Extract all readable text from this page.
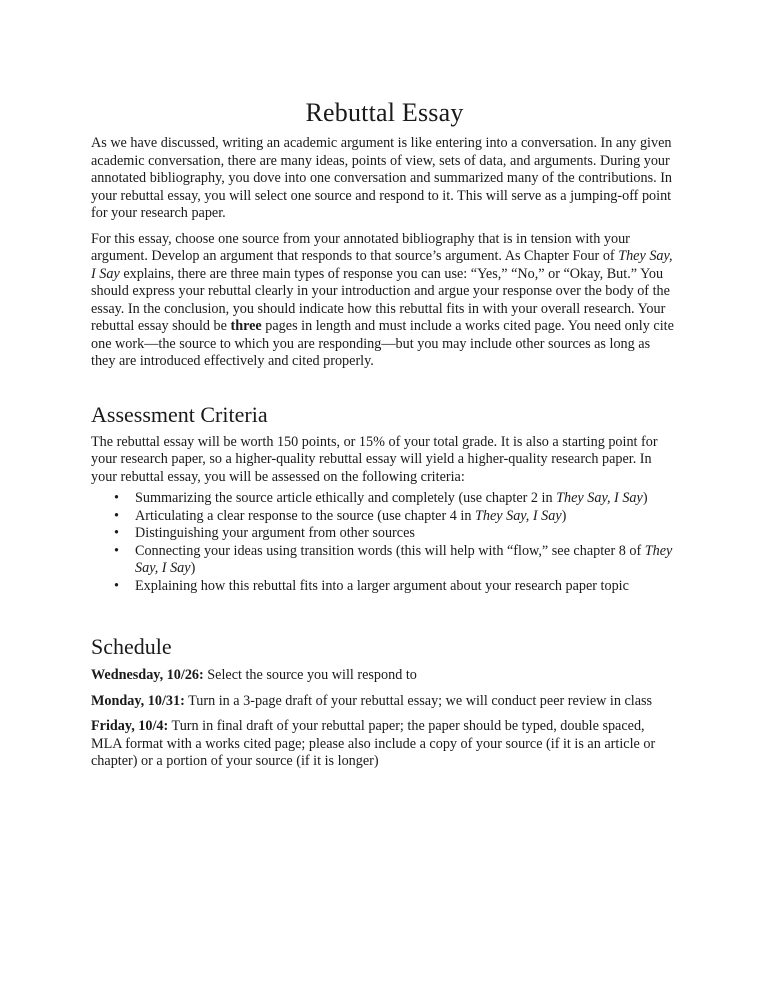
Rebuttal Essay

As we have discussed, writing an academic argument is like entering into a conversation. In any given academic conversation, there are many ideas, points of view, sets of data, and arguments. During your annotated bibliography, you dove into one conversation and summarized many of the contributions. In your rebuttal essay, you will select one source and respond to it. This will serve as a jumping-off point for your research paper.

For this essay, choose one source from your annotated bibliography that is in tension with your argument. Develop an argument that responds to that source’s argument. As Chapter Four of They Say, I Say explains, there are three main types of response you can use: “Yes,” “No,” or “Okay, But.” You should express your rebuttal clearly in your introduction and argue your response over the body of the essay. In the conclusion, you should indicate how this rebuttal fits in with your overall research. Your rebuttal essay should be three pages in length and must include a works cited page. You need only cite one work—the source to which you are responding—but you may include other sources as long as they are introduced effectively and cited properly.

Assessment Criteria

The rebuttal essay will be worth 150 points, or 15% of your total grade. It is also a starting point for your research paper, so a higher-quality rebuttal essay will yield a higher-quality research paper. In your rebuttal essay, you will be assessed on the following criteria:

• Summarizing the source article ethically and completely (use chapter 2 in They Say, I Say)
• Articulating a clear response to the source (use chapter 4 in They Say, I Say)
• Distinguishing your argument from other sources
• Connecting your ideas using transition words (this will help with “flow,” see chapter 8 of They Say, I Say)
• Explaining how this rebuttal fits into a larger argument about your research paper topic
Schedule

Wednesday, 10/26: Select the source you will respond to

Monday, 10/31: Turn in a 3-page draft of your rebuttal essay; we will conduct peer review in class

Friday, 10/4: Turn in final draft of your rebuttal paper; the paper should be typed, double spaced, MLA format with a works cited page; please also include a copy of your source (if it is an article or chapter) or a portion of your source (if it is longer)
